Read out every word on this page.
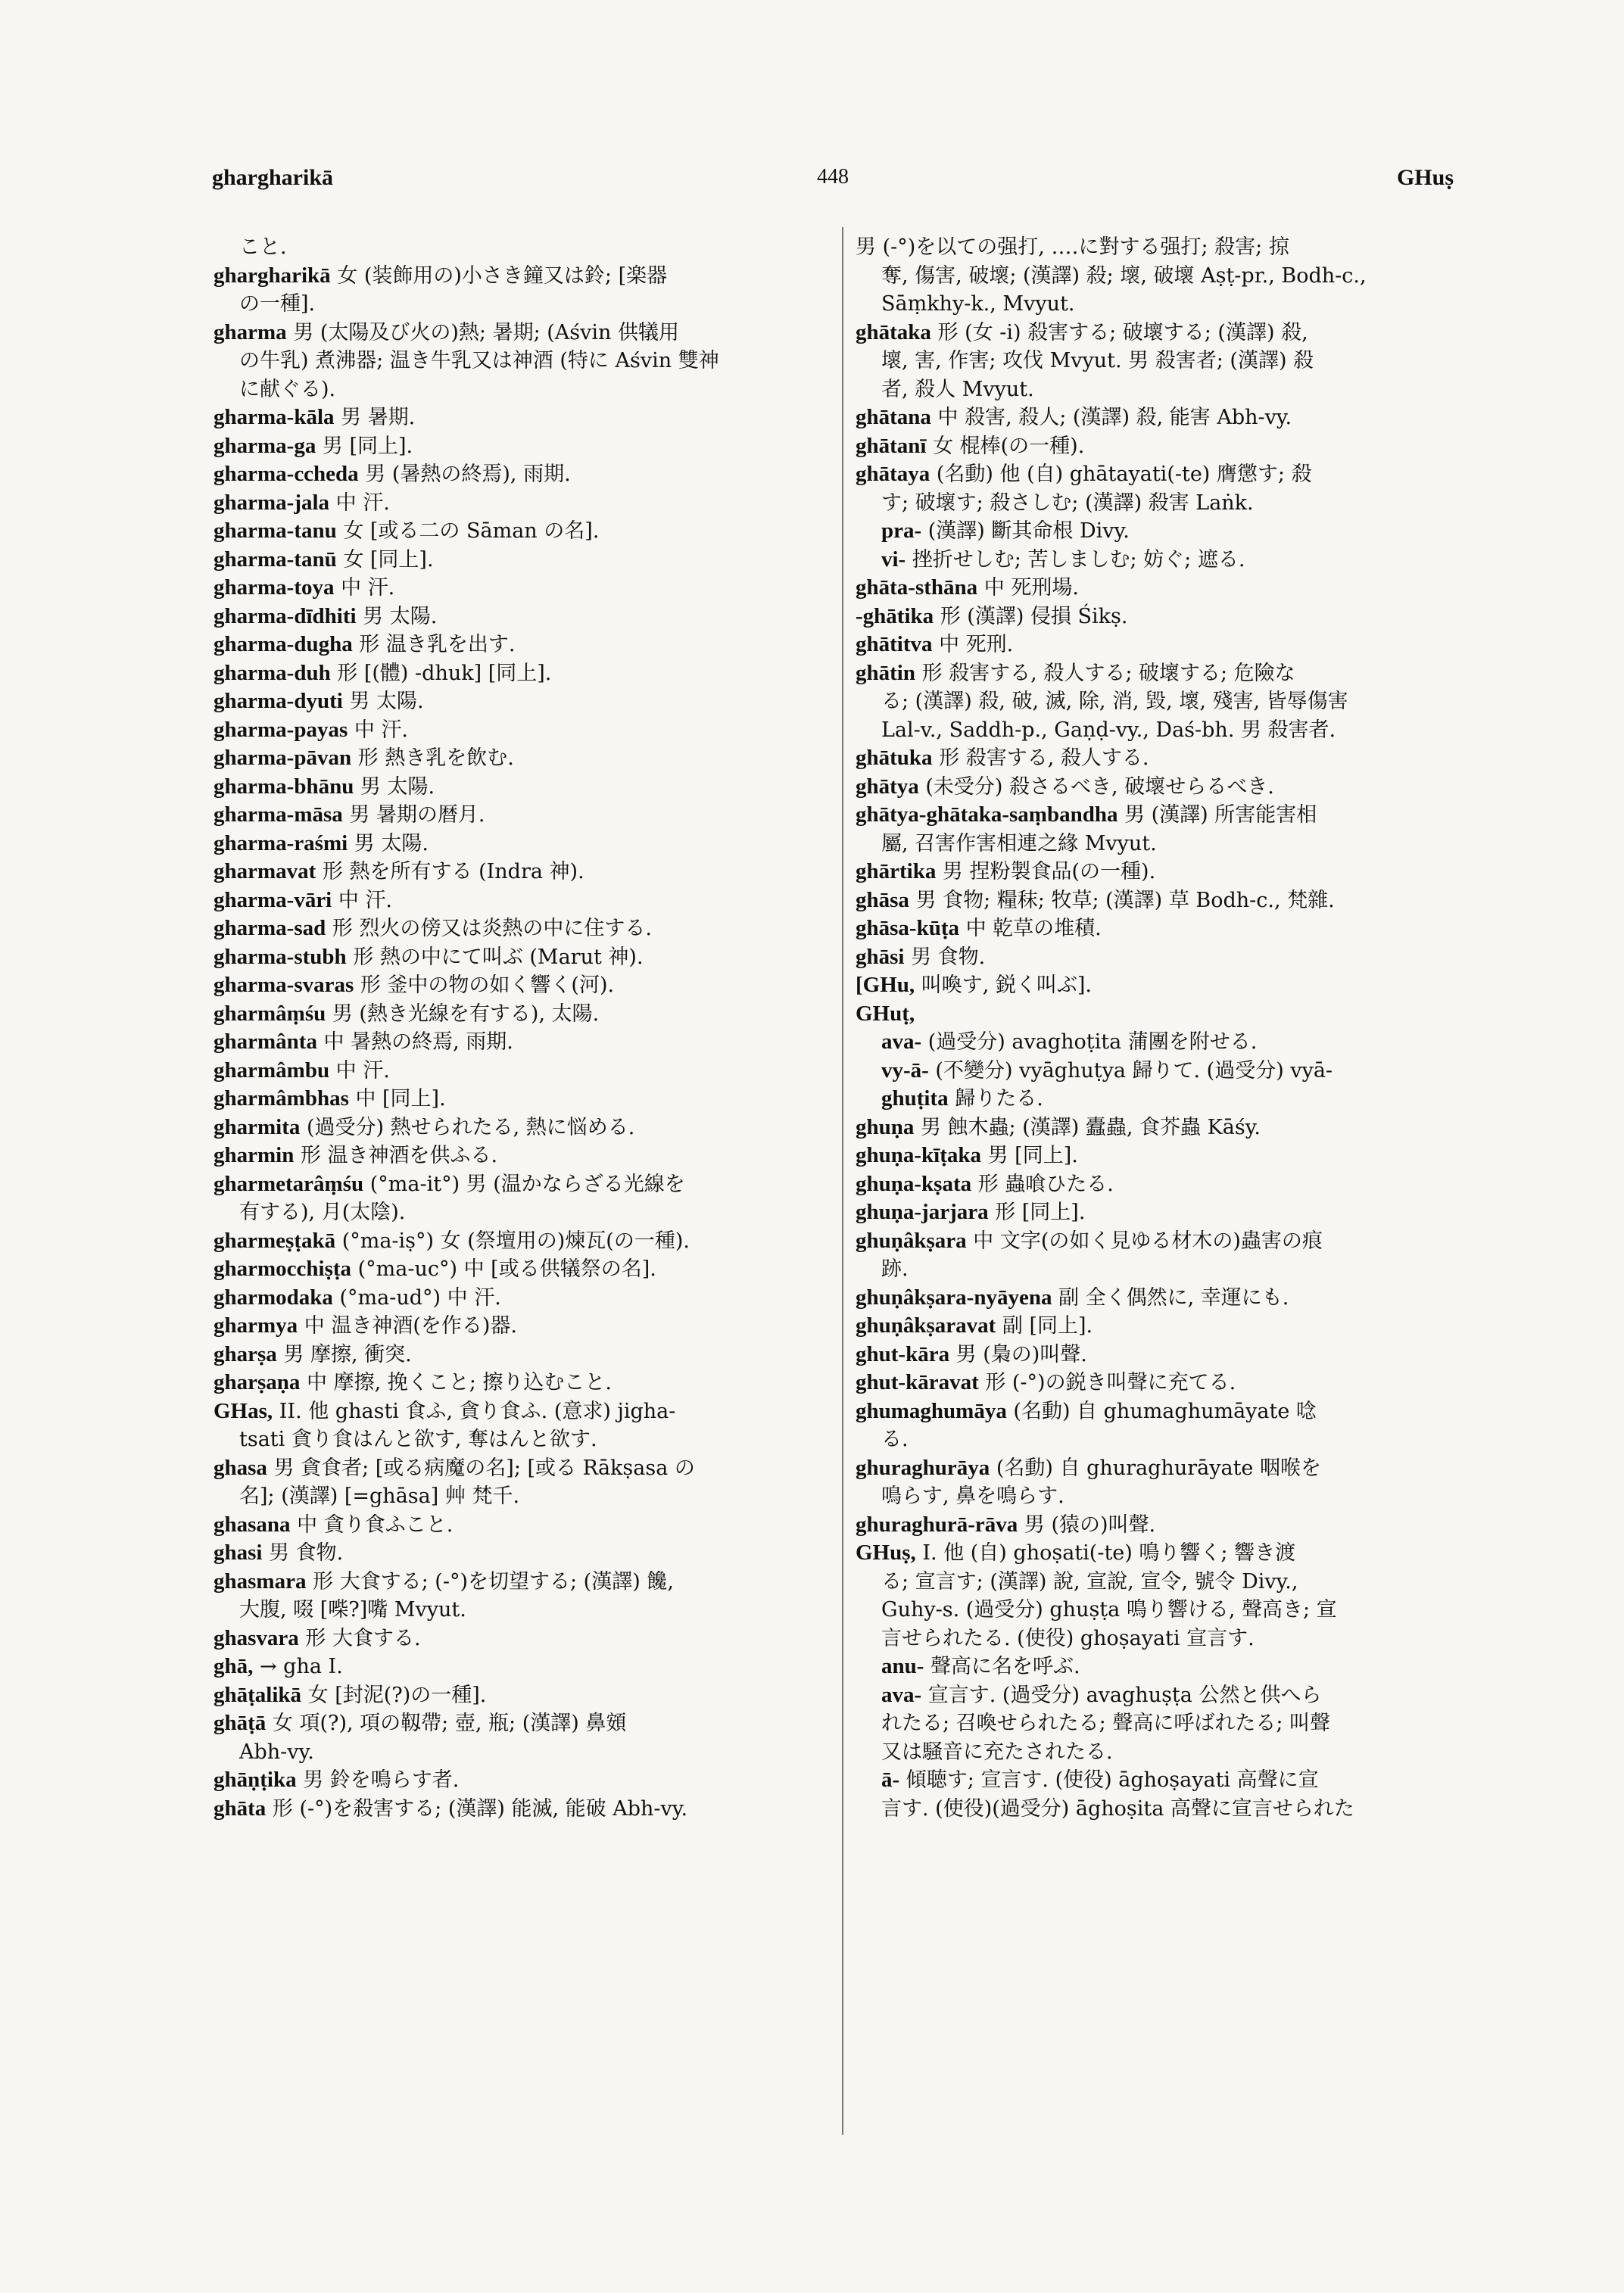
ghargharikā	448	GHuṣ
こと.
ghargharikā 女 (装飾用の)小さき鐘又は鈴; [楽器
の一種].
gharma 男 (太陽及び火の)熱; 暑期; (Aśvin 供犠用
の牛乳) 煮沸器; 温き牛乳又は神酒 (特に Aśvin 雙神
に献ぐる).
gharma-kāla 男 暑期.
gharma-ga 男 [同上].
gharma-ccheda 男 (暑熱の終焉), 雨期.
gharma-jala 中 汗.
gharma-tanu 女 [或る二の Sāman の名].
gharma-tanū 女 [同上].
gharma-toya 中 汗.
gharma-dīdhiti 男 太陽.
gharma-dugha 形 温き乳を出す.
gharma-duh 形 [(體) -dhuk] [同上].
gharma-dyuti 男 太陽.
gharma-payas 中 汗.
gharma-pāvan 形 熱き乳を飲む.
gharma-bhānu 男 太陽.
gharma-māsa 男 暑期の暦月.
gharma-raśmi 男 太陽.
gharmavat 形 熱を所有する (Indra 神).
gharma-vāri 中 汗.
gharma-sad 形 烈火の傍又は炎熱の中に住する.
gharma-stubh 形 熱の中にて叫ぶ (Marut 神).
gharma-svaras 形 釜中の物の如く響く(河).
gharmâṃśu 男 (熱き光線を有する), 太陽.
gharmânta 中 暑熱の終焉, 雨期.
gharmâmbu 中 汗.
gharmâmbhas 中 [同上].
gharmita (過受分) 熱せられたる, 熱に悩める.
gharmin 形 温き神酒を供ふる.
gharmetarâṃśu (°ma-it°) 男 (温かならざる光線を
有する), 月(太陰).
gharmeṣṭakā (°ma-iṣ°) 女 (祭壇用の)煉瓦(の一種).
gharmocchiṣṭa (°ma-uc°) 中 [或る供犠祭の名].
gharmodaka (°ma-ud°) 中 汗.
gharmya 中 温き神酒(を作る)器.
gharṣa 男 摩擦, 衝突.
gharṣaṇa 中 摩擦, 挽くこと; 擦り込むこと.
GHas, II. 他 ghasti 食ふ, 貪り食ふ. (意求) jigha-
tsati 貪り食はんと欲す, 奪はんと欲す.
ghasa 男 貪食者; [或る病魔の名]; [或る Rākṣasa の
名]; (漢譯) [=ghāsa] 艸 梵千.
ghasana 中 貪り食ふこと.
ghasi 男 食物.
ghasmara 形 大食する; (-°)を切望する; (漢譯) 饞,
大腹, 啜 [喍?]嘴 Mvyut.
ghasvara 形 大食する.
ghā, → gha I.
ghāṭalikā 女 [封泥(?)の一種].
ghāṭā 女 項(?), 項の靱帶; 壺, 瓶; (漢譯) 鼻頞
Abh-vy.
ghāṇṭika 男 鈴を鳴らす者.
ghāta 形 (-°)を殺害する; (漢譯) 能滅, 能破 Abh-vy.
男 (-°)を以ての强打, ‥‥に對する强打; 殺害; 掠
奪, 傷害, 破壞; (漢譯) 殺; 壞, 破壞 Aṣṭ-pr., Bodh-c.,
Sāṃkhy-k., Mvyut.
ghātaka 形 (女 -i) 殺害する; 破壞する; (漢譯) 殺,
壞, 害, 作害; 攻伐 Mvyut. 男 殺害者; (漢譯) 殺
者, 殺人 Mvyut.
ghātana 中 殺害, 殺人; (漢譯) 殺, 能害 Abh-vy.
ghātanī 女 棍棒(の一種).
ghātaya (名動) 他 (自) ghātayati(-te) 膺懲す; 殺
す; 破壞す; 殺さしむ; (漢譯) 殺害 Laṅk.
pra- (漢譯) 斷其命根 Divy.
vi- 挫折せしむ; 苦しましむ; 妨ぐ; 遮る.
ghāta-sthāna 中 死刑場.
-ghātika 形 (漢譯) 侵損 Śikṣ.
ghātitva 中 死刑.
ghātin 形 殺害する, 殺人する; 破壞する; 危險な
る; (漢譯) 殺, 破, 滅, 除, 消, 毀, 壞, 殘害, 皆辱傷害
Lal-v., Saddh-p., Gaṇḍ-vy., Daś-bh. 男 殺害者.
ghātuka 形 殺害する, 殺人する.
ghātya (未受分) 殺さるべき, 破壞せらるべき.
ghātya-ghātaka-saṃbandha 男 (漢譯) 所害能害相
屬, 召害作害相連之緣 Mvyut.
ghārtika 男 捏粉製食品(の一種).
ghāsa 男 食物; 糧秣; 牧草; (漢譯) 草 Bodh-c., 梵雜.
ghāsa-kūṭa 中 乾草の堆積.
ghāsi 男 食物.
[GHu, 叫喚す, 鋭く叫ぶ].
GHuṭ,
ava- (過受分) avaghoṭita 蒲團を附せる.
vy-ā- (不變分) vyāghuṭya 歸りて. (過受分) vyā-
ghuṭita 歸りたる.
ghuṇa 男 蝕木蟲; (漢譯) 蠹蟲, 食芥蟲 Kāśy.
ghuṇa-kīṭaka 男 [同上].
ghuṇa-kṣata 形 蟲喰ひたる.
ghuṇa-jarjara 形 [同上].
ghuṇâkṣara 中 文字(の如く見ゆる材木の)蟲害の痕
跡.
ghuṇâkṣara-nyāyena 副 全く偶然に, 幸運にも.
ghuṇâkṣaravat 副 [同上].
ghut-kāra 男 (梟の)叫聲.
ghut-kāravat 形 (-°)の鋭き叫聲に充てる.
ghumaghumāya (名動) 自 ghumaghumāyate 唸
る.
ghuraghurāya (名動) 自 ghuraghurāyate 咽喉を
鳴らす, 鼻を鳴らす.
ghuraghurā-rāva 男 (猿の)叫聲.
GHuṣ, I. 他 (自) ghoṣati(-te) 鳴り響く; 響き渡
る; 宣言す; (漢譯) 說, 宣說, 宣令, 號令 Divy.,
Guhy-s. (過受分) ghuṣṭa 鳴り響ける, 聲高き; 宣
言せられたる. (使役) ghoṣayati 宣言す.
anu- 聲高に名を呼ぶ.
ava- 宣言す. (過受分) avaghuṣṭa 公然と供へら
れたる; 召喚せられたる; 聲高に呼ばれたる; 叫聲
又は騒音に充たされたる.
ā- 傾聴す; 宣言す. (使役) āghoṣayati 高聲に宣
言す. (使役)(過受分) āghoṣita 高聲に宣言せられた
